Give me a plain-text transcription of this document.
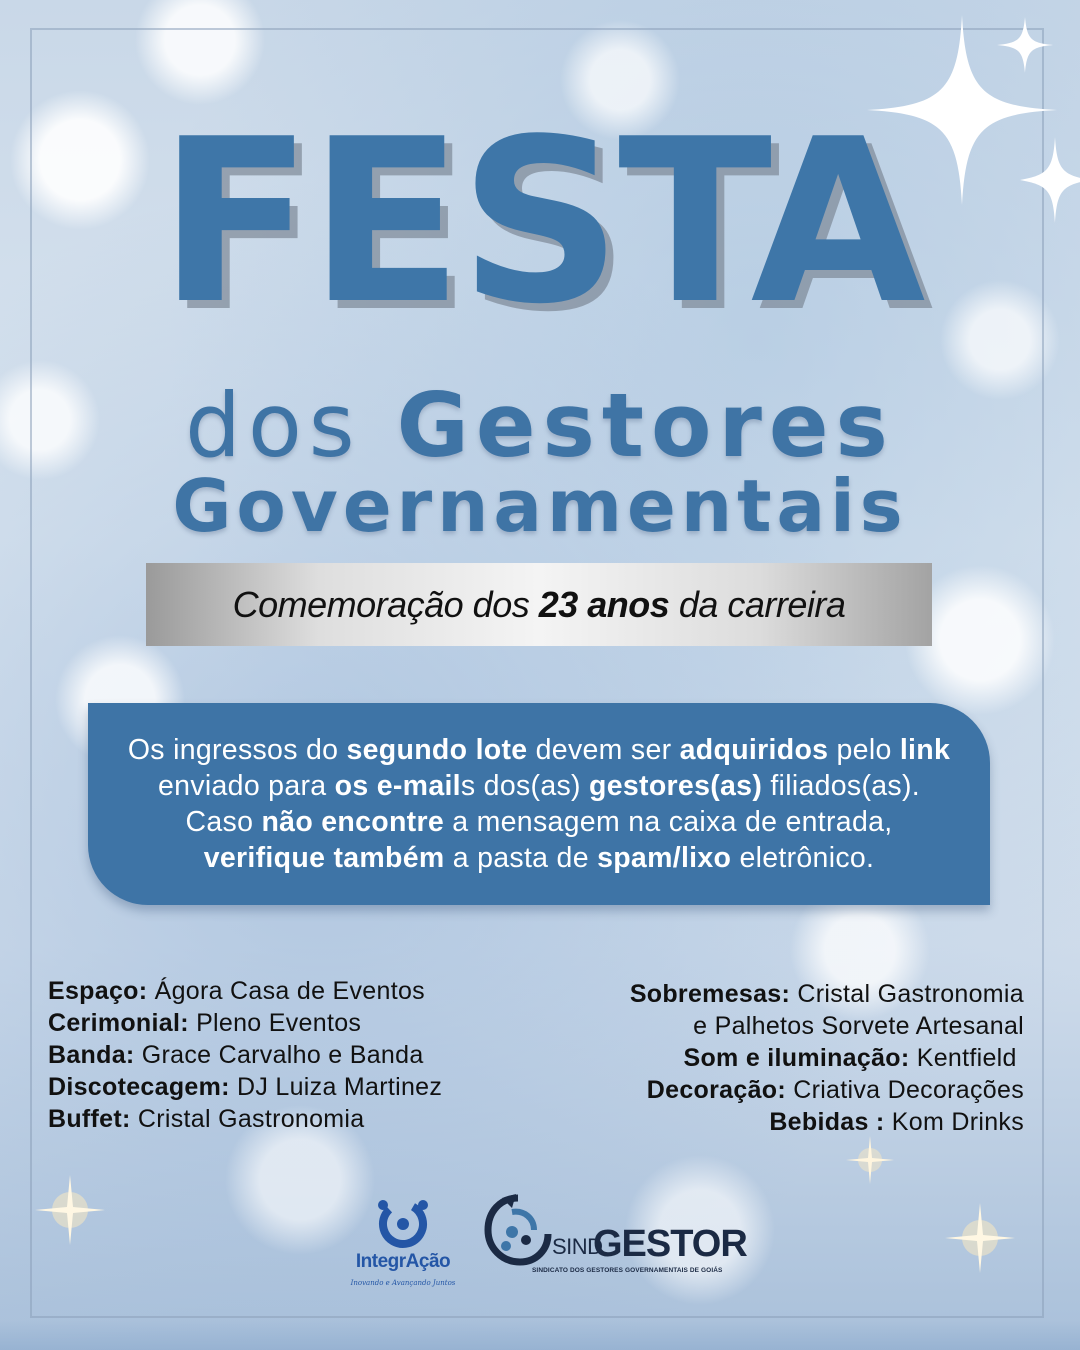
FESTA
dos Gestores
Governamentais
Comemoração dos 23 anos da carreira
Os ingressos do segundo lote devem ser adquiridos pelo link enviado para os e-mails dos(as) gestores(as) filiados(as). Caso não encontre a mensagem na caixa de entrada, verifique também a pasta de spam/lixo eletrônico.
Espaço: Ágora Casa de Eventos
Cerimonial: Pleno Eventos
Banda: Grace Carvalho e Banda
Discotecagem: DJ Luiza Martinez
Buffet: Cristal Gastronomia
Sobremesas: Cristal Gastronomia
e Palhetos Sorvete Artesanal
Som e iluminação: Kentfield
Decoração: Criativa Decorações
Bebidas : Kom Drinks
IntegrAção
Inovando e Avançando Juntos
SIND
GESTOR
SINDICATO DOS GESTORES GOVERNAMENTAIS DE GOIÁS
